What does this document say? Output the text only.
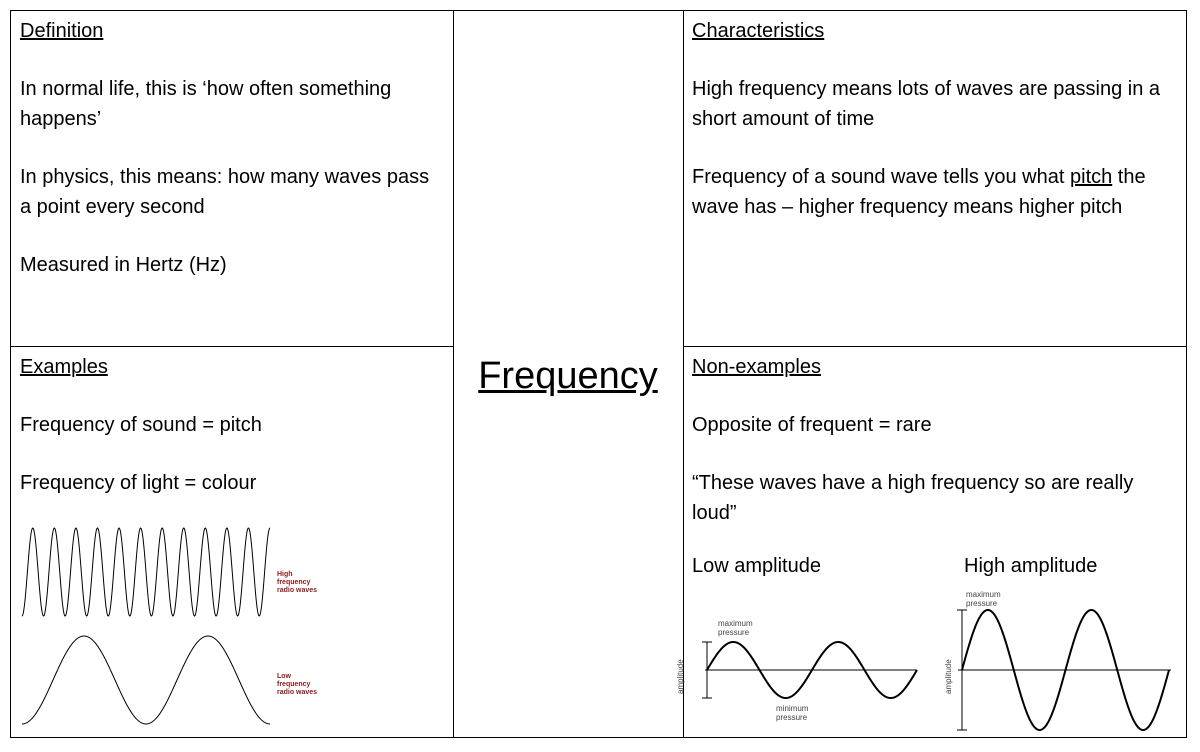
Definition

In normal life, this is ‘how often something happens’

In physics, this means: how many waves pass a point every second

Measured in Hertz (Hz)

Characteristics

High frequency means lots of waves are passing in a short amount of time

Frequency of a sound wave tells you what pitch the wave has – higher frequency means higher pitch

Frequency
Examples

Frequency of sound = pitch

Frequency of light = colour

High frequency radio waves
Low frequency radio waves
Non-examples

Opposite of frequent = rare

“These waves have a high frequency so are really loud”

Low amplitude	High amplitude
maximum pressure
minimum pressure
amplitude
maximum pressure
amplitude
